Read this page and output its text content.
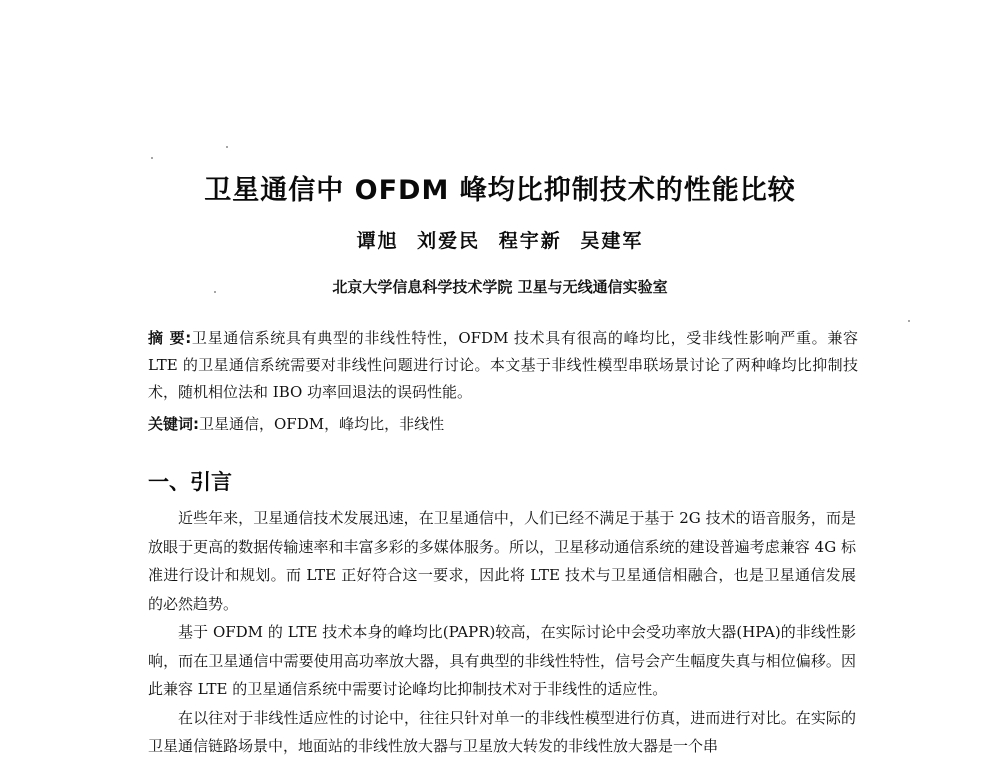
卫星通信中 OFDM 峰均比抑制技术的性能比较
谭旭 刘爱民 程宇新 吴建军
北京大学信息科学技术学院 卫星与无线通信实验室
摘 要:卫星通信系统具有典型的非线性特性，OFDM 技术具有很高的峰均比，受非线性影响严重。兼容 LTE 的卫星通信系统需要对非线性问题进行讨论。本文基于非线性模型串联场景讨论了两种峰均比抑制技术，随机相位法和 IBO 功率回退法的误码性能。
关键词:卫星通信，OFDM，峰均比，非线性
一、引言

近些年来，卫星通信技术发展迅速，在卫星通信中，人们已经不满足于基于 2G 技术的语音服务，而是放眼于更高的数据传输速率和丰富多彩的多媒体服务。所以，卫星移动通信系统的建设普遍考虑兼容 4G 标准进行设计和规划。而 LTE 正好符合这一要求，因此将 LTE 技术与卫星通信相融合，也是卫星通信发展的必然趋势。

基于 OFDM 的 LTE 技术本身的峰均比(PAPR)较高，在实际讨论中会受功率放大器(HPA)的非线性影响，而在卫星通信中需要使用高功率放大器，具有典型的非线性特性，信号会产生幅度失真与相位偏移。因此兼容 LTE 的卫星通信系统中需要讨论峰均比抑制技术对于非线性的适应性。

在以往对于非线性适应性的讨论中，往往只针对单一的非线性模型进行仿真，进而进行对比。在实际的卫星通信链路场景中，地面站的非线性放大器与卫星放大转发的非线性放大器是一个串
